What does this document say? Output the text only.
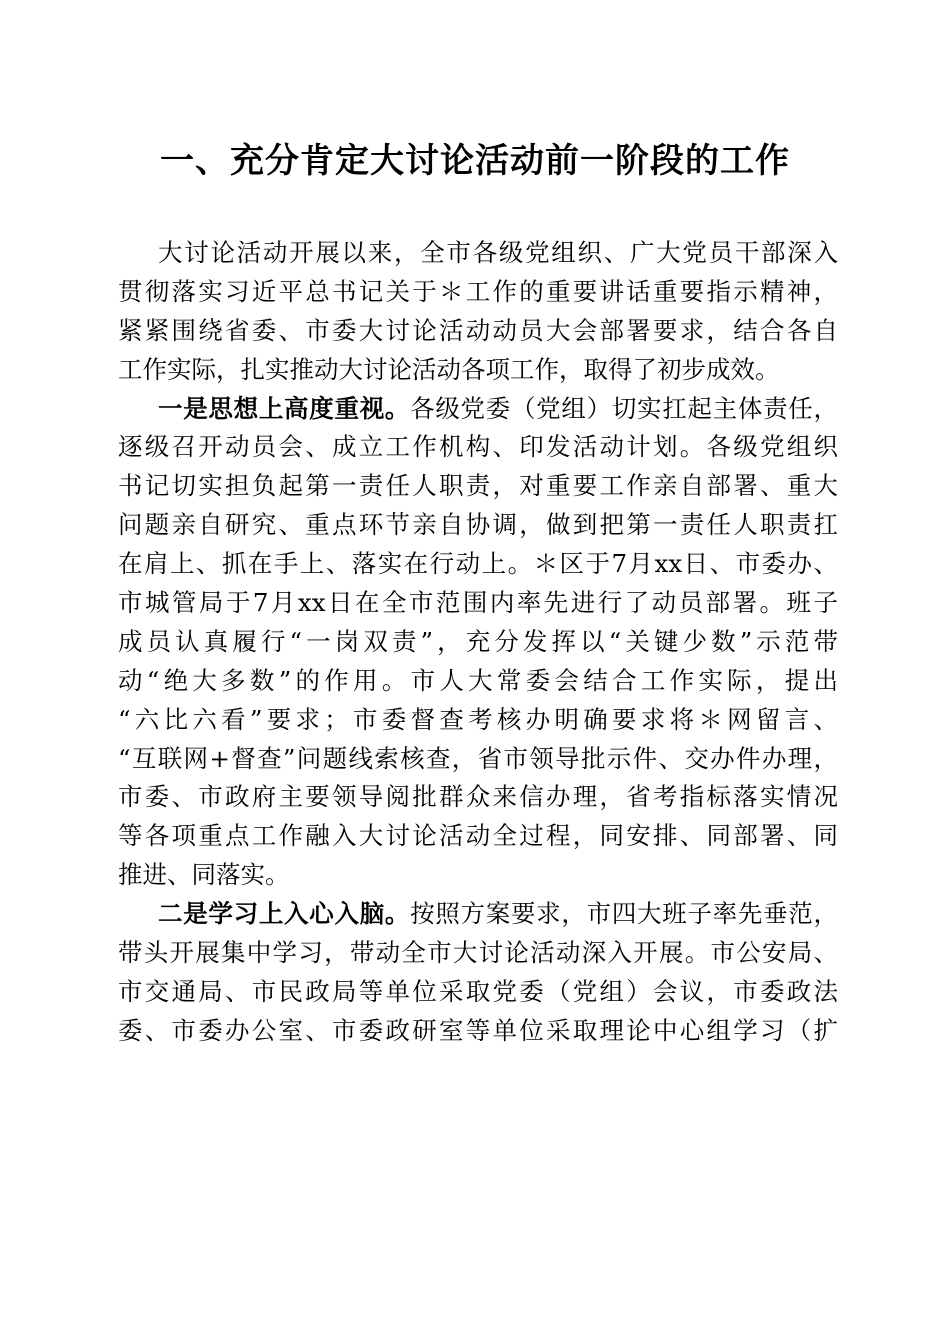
一、充分肯定大讨论活动前一阶段的工作
大讨论活动开展以来，全市各级党组织、广大党员干部深入
贯彻落实习近平总书记关于＊工作的重要讲话重要指示精神，
紧紧围绕省委、市委大讨论活动动员大会部署要求，结合各自
工作实际，扎实推动大讨论活动各项工作，取得了初步成效。
一是思想上高度重视。各级党委（党组）切实扛起主体责任，
逐级召开动员会、成立工作机构、印发活动计划。各级党组织
书记切实担负起第一责任人职责，对重要工作亲自部署、重大
问题亲自研究、重点环节亲自协调，做到把第一责任人职责扛
在肩上、抓在手上、落实在行动上。＊区于7月xx日、市委办、
市城管局于7月xx日在全市范围内率先进行了动员部署。班子
成员认真履行“一岗双责”，充分发挥以“关键少数”示范带
动“绝大多数”的作用。市人大常委会结合工作实际，提出
“六比六看”要求；市委督查考核办明确要求将＊网留言、
“互联网+督查”问题线索核查，省市领导批示件、交办件办理，
市委、市政府主要领导阅批群众来信办理，省考指标落实情况
等各项重点工作融入大讨论活动全过程，同安排、同部署、同
推进、同落实。
二是学习上入心入脑。按照方案要求，市四大班子率先垂范，
带头开展集中学习，带动全市大讨论活动深入开展。市公安局、
市交通局、市民政局等单位采取党委（党组）会议，市委政法
委、市委办公室、市委政研室等单位采取理论中心组学习（扩
